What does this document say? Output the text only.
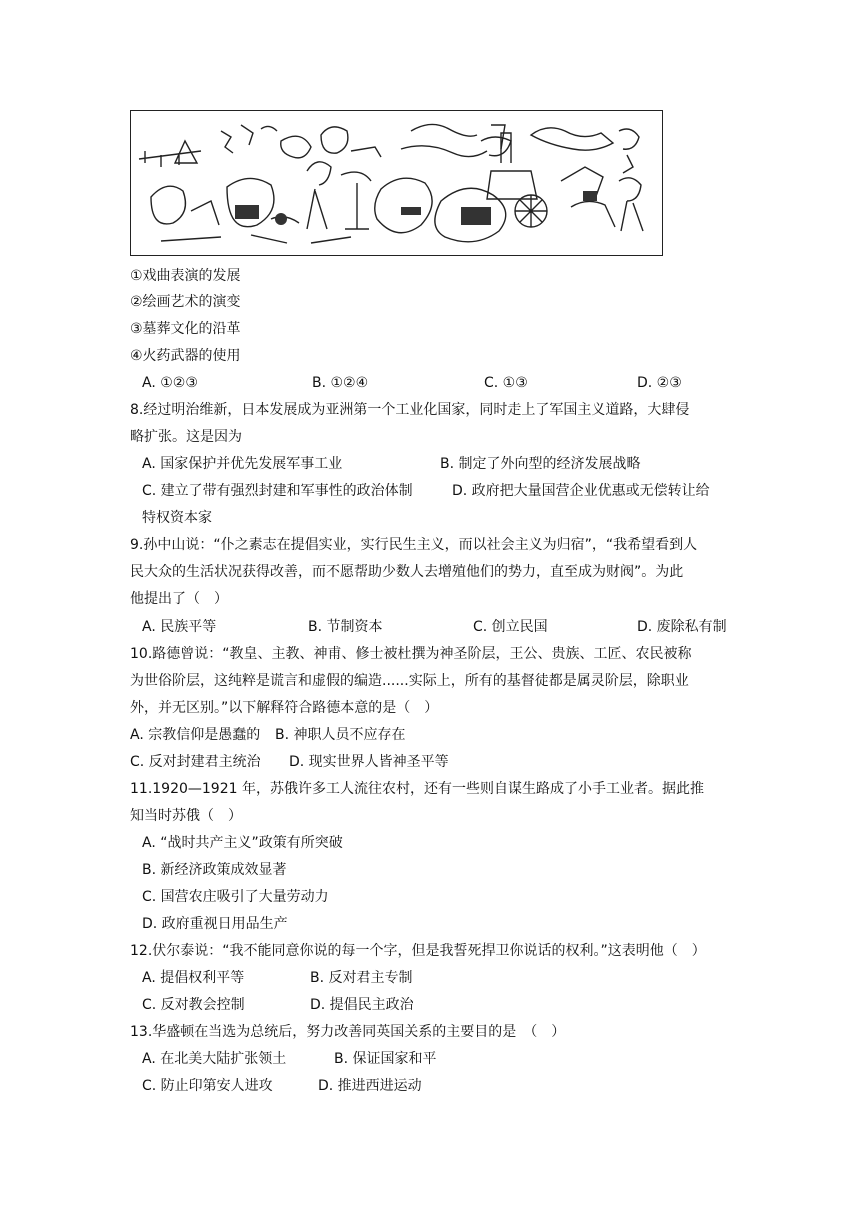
①戏曲表演的发展
②绘画艺术的演变
③墓葬文化的沿革
④火药武器的使用
A. ①②③	B. ①②④	C. ①③	D. ②③
8.经过明治维新，日本发展成为亚洲第一个工业化国家，同时走上了军国主义道路，大肆侵
略扩张。这是因为
A. 国家保护并优先发展军事工业	B. 制定了外向型的经济发展战略
C. 建立了带有强烈封建和军事性的政治体制	D. 政府把大量国营企业优惠或无偿转让给
特权资本家
9.孙中山说：“仆之素志在提倡实业，实行民生主义，而以社会主义为归宿”，“我希望看到人
民大众的生活状况获得改善，而不愿帮助少数人去增殖他们的势力，直至成为财阀”。为此
他提出了（　）
A. 民族平等	B. 节制资本	C. 创立民国	D. 废除私有制
10.路德曾说：“教皇、主教、神甫、修士被杜撰为神圣阶层，王公、贵族、工匠、农民被称
为世俗阶层，这纯粹是谎言和虚假的编造......实际上，所有的基督徒都是属灵阶层，除职业
外，并无区别。”以下解释符合路德本意的是（　）
A. 宗教信仰是愚蠢的 B. 神职人员不应存在
C. 反对封建君主统治 D. 现实世界人皆神圣平等
11.1920—1921 年，苏俄许多工人流往农村，还有一些则自谋生路成了小手工业者。据此推
知当时苏俄（　）
A. “战时共产主义”政策有所突破
B. 新经济政策成效显著
C. 国营农庄吸引了大量劳动力
D. 政府重视日用品生产
12.伏尔泰说：“我不能同意你说的每一个字，但是我誓死捍卫你说话的权利。”这表明他（　）
A. 提倡权利平等	B. 反对君主专制
C. 反对教会控制	D. 提倡民主政治
13.华盛顿在当选为总统后，努力改善同英国关系的主要目的是　（　）
A. 在北美大陆扩张领土	B. 保证国家和平
C. 防止印第安人进攻	D. 推进西进运动
